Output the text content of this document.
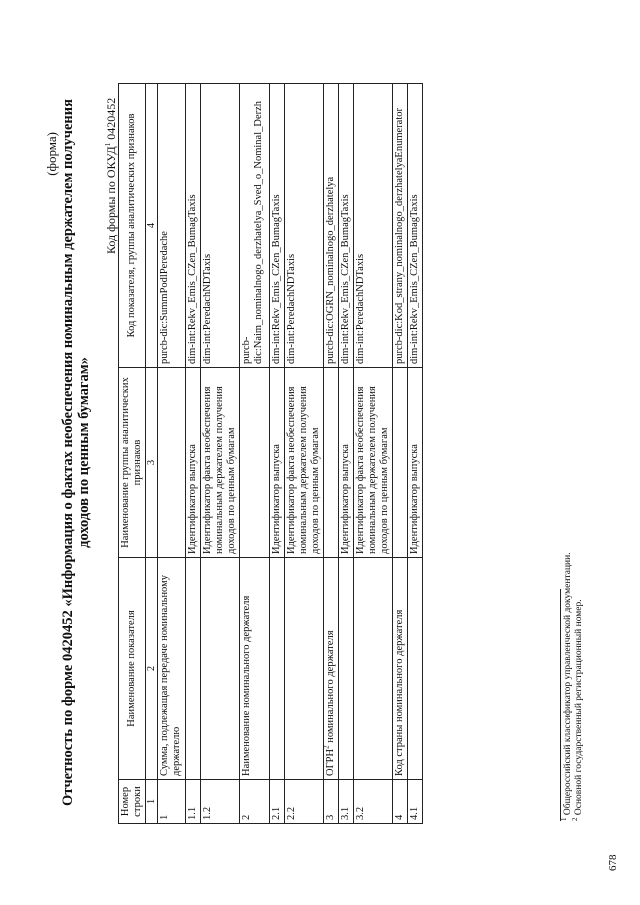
(форма) Отчетность по форме 0420452 «Информация о фактах необеспечения номинальным держателем получения доходов по ценным бумагам»
Код формы по ОКУД$^1$ 0420452
Номер строки	Наименование показателя	Наименование группы аналитических признаков	Код показателя, группы аналитических признаков
1	2	3	4
1	Сумма, подлежащая передаче номинальному держателю		purcb-dic:SummPodlPeredache
1.1		Идентификатор выпуска	dim-int:Rekv_Emis_CZen_BumagTaxis
1.2		Идентификатор факта необеспечения номинальным держателем получения доходов по ценным бумагам	dim-int:PeredachNDTaxis
2	Наименование номинального держателя		purcb-dic:Naim_nominalnogo_derzhatelya_Sved_o_Nominal_Derzh
2.1		Идентификатор выпуска	dim-int:Rekv_Emis_CZen_BumagTaxis
2.2		Идентификатор факта необеспечения номинальным держателем получения доходов по ценным бумагам	dim-int:PeredachNDTaxis
3	ОГРН$^2$ номинального держателя		purcb-dic:OGRN_nominalnogo_derzhatelya
3.1		Идентификатор выпуска	dim-int:Rekv_Emis_CZen_BumagTaxis
3.2		Идентификатор факта необеспечения номинальным держателем получения доходов по ценным бумагам	dim-int:PeredachNDTaxis
4	Код страны номинального держателя		purcb-dic:Kod_strany_nominalnogo_derzhatelyaEnumerator
4.1		Идентификатор выпуска	dim-int:Rekv_Emis_CZen_BumagTaxis
$^1$ Общероссийский классификатор управленческой документации.
$^2$ Основной государственный регистрационный номер.
678
